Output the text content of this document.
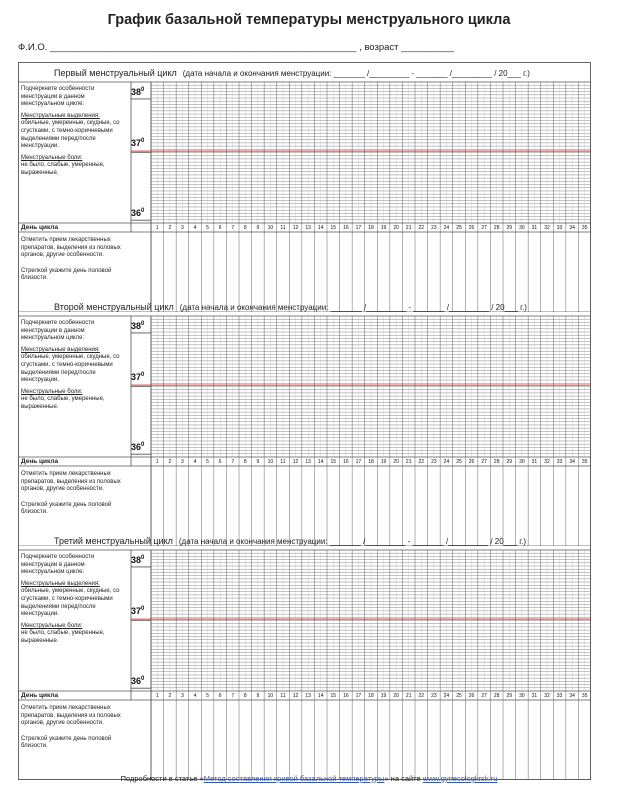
График базальной температуры менструального цикла
Ф.И.О. __________________________________________________________ , возраст __________
Первый менструальный цикл (дата начала и окончания менструации: _______ /_________ - _______ /_________ / 20___ г.)

Подчеркните особенности менструации в данном менструальном цикле:

Менструальные выделения:

обильные, умеренные, скудные, со сгустками, с темно-коричневыми выделениями перед/после менструации.

Менструальные боли:

не было, слабые, умеренные, выраженные.

$38^0$
$37^0$
$36^0$
День цикла	1	2	3	4	5	6	7	8	9	10	11	12	13	14	15	16	17	18	19	20	21	22	23	24	25	26	27	28	29	30	31	32	33	34	35

Отметить прием лекарственных препаратов, выделения из половых органов, другие особенности.

Стрелкой укажите день половой близости.

Второй менструальный цикл (дата начала и окончания менструации: _______ /_________ - _______ /_________ / 20___ г.)

Подчеркните особенности менструации в данном менструальном цикле:

Менструальные выделения:

обильные, умеренные, скудные, со сгустками, с темно-коричневыми выделениями перед/после менструации.

Менструальные боли:

не было, слабые, умеренные, выраженные.

$38^0$
$37^0$
$36^0$
День цикла	1	2	3	4	5	6	7	8	9	10	11	12	13	14	15	16	17	18	19	20	21	22	23	24	25	26	27	28	29	30	31	32	33	34	35

Отметить прием лекарственных препаратов, выделения из половых органов, другие особенности.

Стрелкой укажите день половой близости.

Третий менструальный цикл (дата начала и окончания менструации: _______ /_________ - _______ /_________ / 20___ г.)

Подчеркните особенности менструации в данном менструальном цикле:

Менструальные выделения:

обильные, умеренные, скудные, со сгустками, с темно-коричневыми выделениями перед/после менструации.

Менструальные боли:

не было, слабые, умеренные, выраженные.

$38^0$
$37^0$
$36^0$
День цикла	1	2	3	4	5	6	7	8	9	10	11	12	13	14	15	16	17	18	19	20	21	22	23	24	25	26	27	28	29	30	31	32	33	34	35

Отметить прием лекарственных препаратов, выделения из половых органов, другие особенности.

Стрелкой укажите день половой близости.

Подробности в статье «Метод составления кривой базальной температуры» на сайте www.gynecologkrsk.ru
